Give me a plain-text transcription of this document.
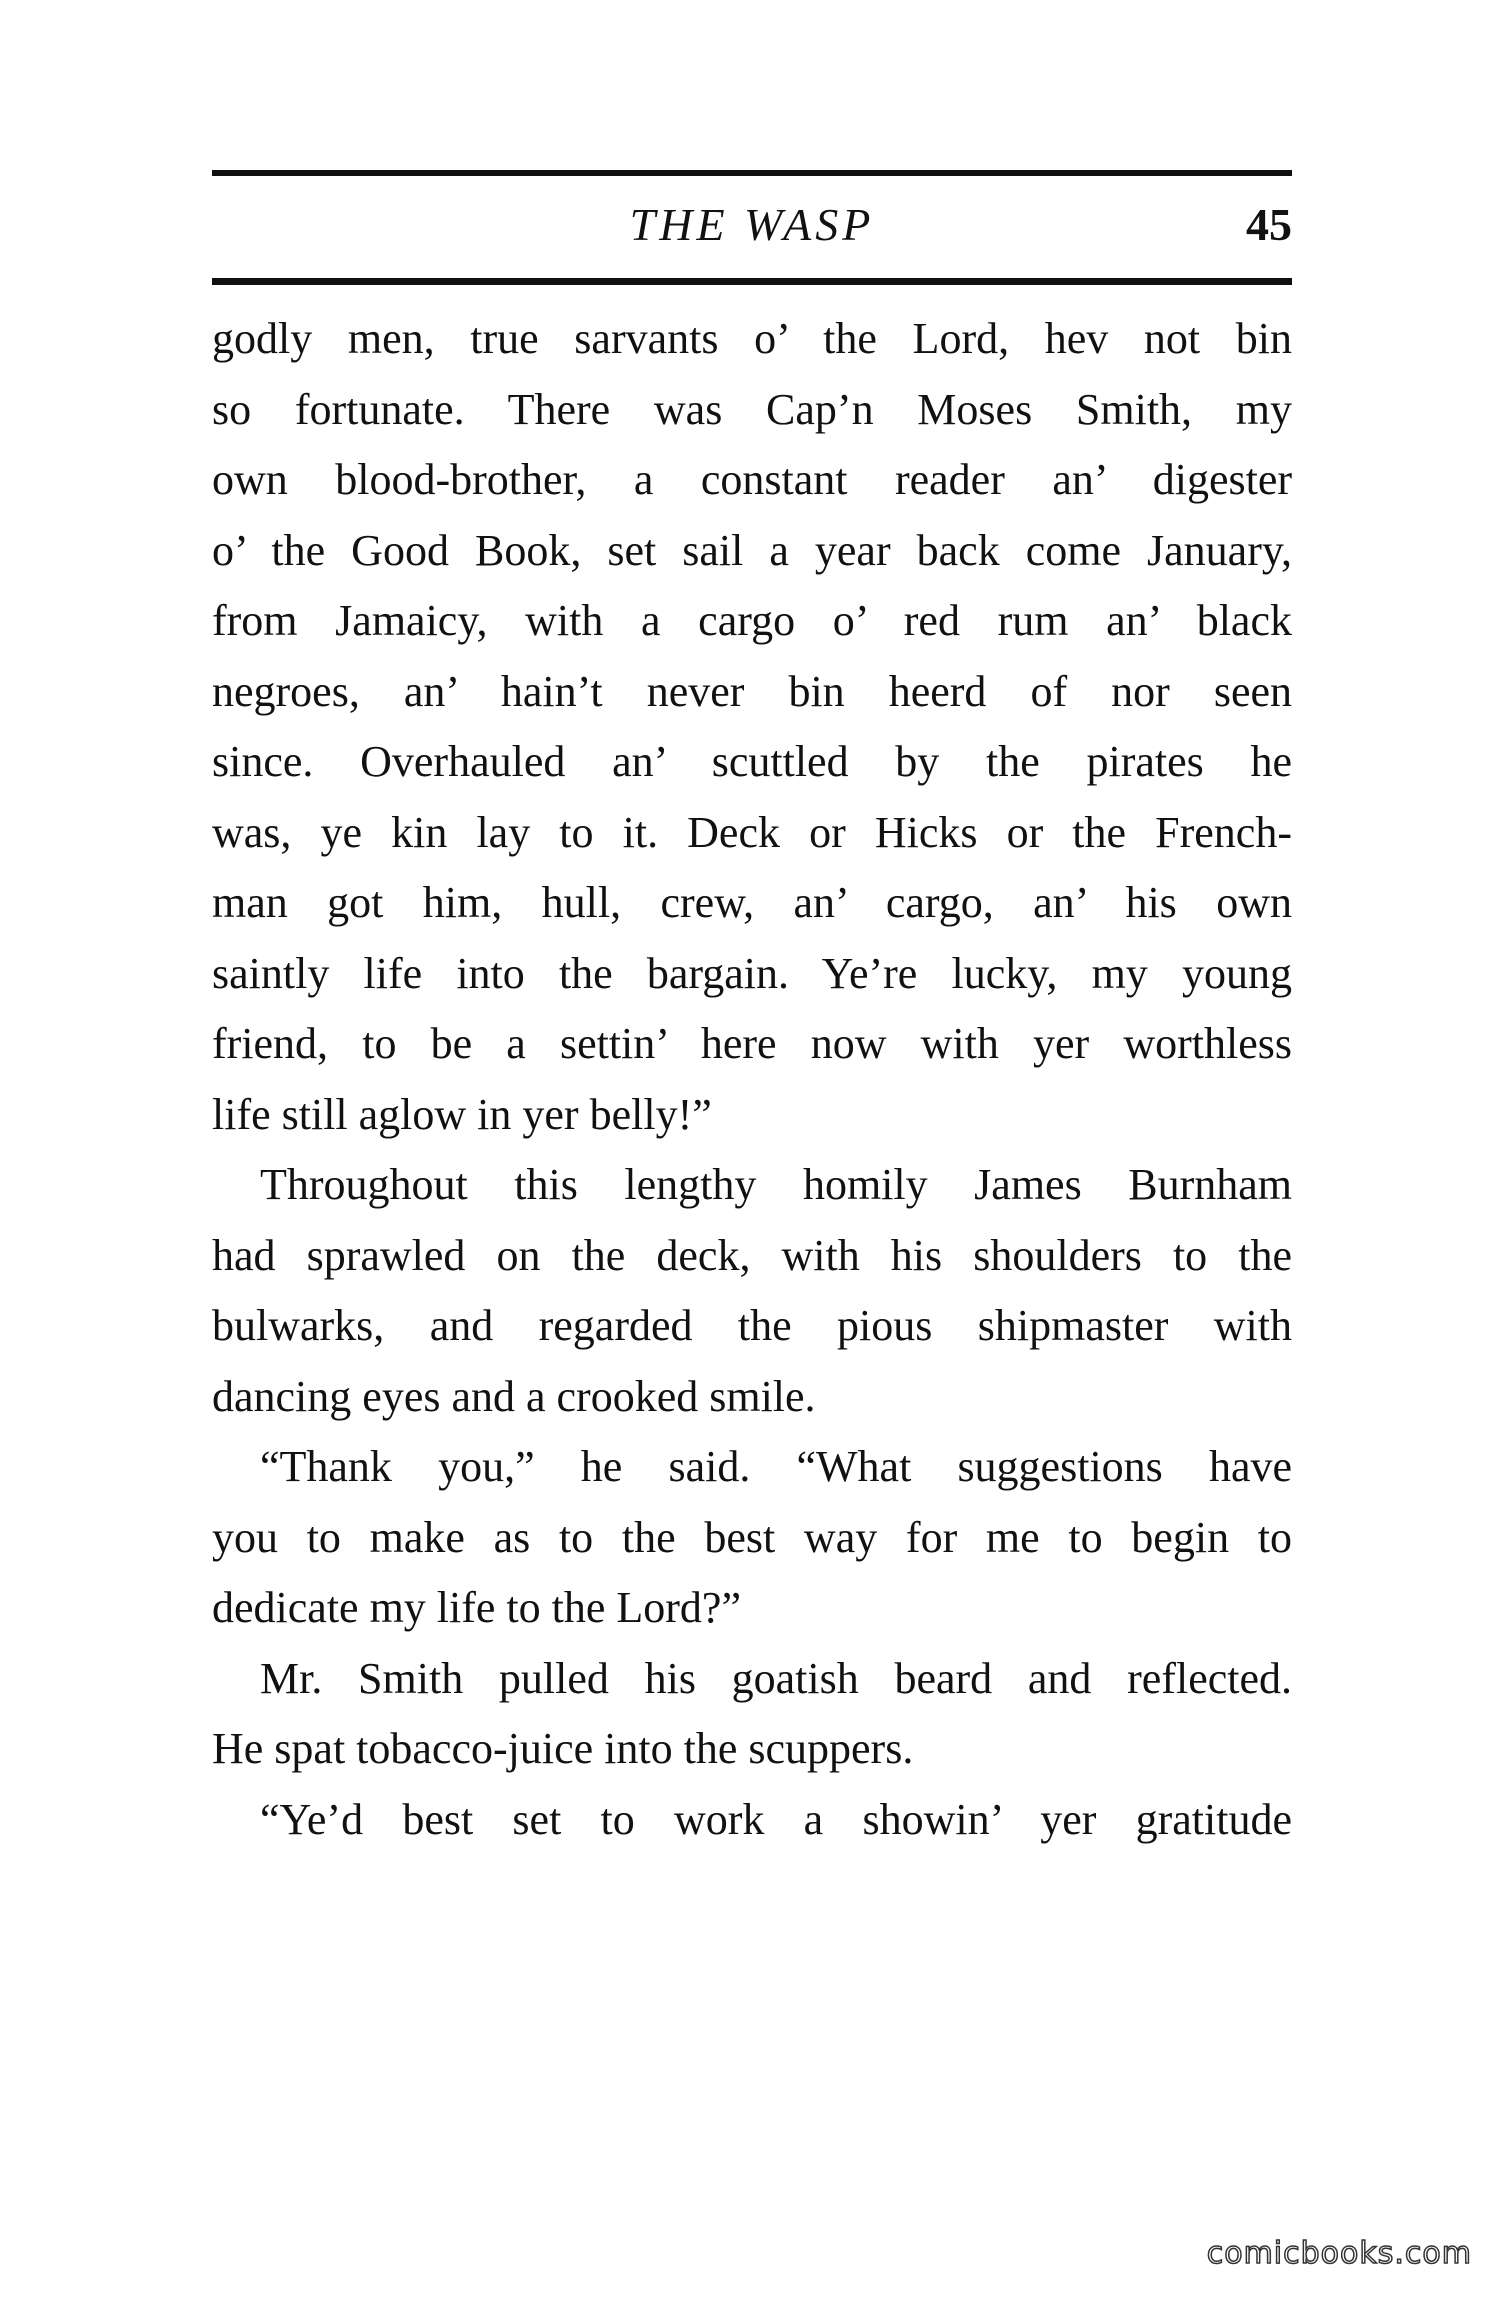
THE WASP	45
godly men, true sarvants o’ the Lord, hev not bin
so fortunate. There was Cap’n Moses Smith, my
own blood-brother, a constant reader an’ digester
o’ the Good Book, set sail a year back come January,
from Jamaicy, with a cargo o’ red rum an’ black
negroes, an’ hain’t never bin heerd of nor seen
since. Overhauled an’ scuttled by the pirates he
was, ye kin lay to it. Deck or Hicks or the French-
man got him, hull, crew, an’ cargo, an’ his own
saintly life into the bargain. Ye’re lucky, my young
friend, to be a settin’ here now with yer worthless
life still aglow in yer belly!”
Throughout this lengthy homily James Burnham
had sprawled on the deck, with his shoulders to the
bulwarks, and regarded the pious shipmaster with
dancing eyes and a crooked smile.
“Thank you,” he said. “What suggestions have
you to make as to the best way for me to begin to
dedicate my life to the Lord?”
Mr. Smith pulled his goatish beard and reflected.
He spat tobacco-juice into the scuppers.
“Ye’d best set to work a showin’ yer gratitude
comicbooks.com
